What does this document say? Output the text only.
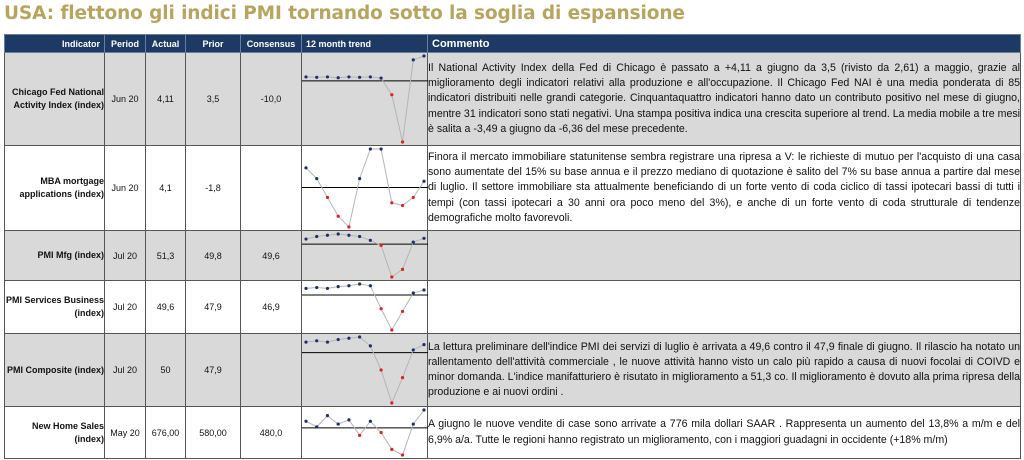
USA: flettono gli indici PMI tornando sotto la soglia di espansione
Indicator	Period	Actual	Prior	Consensus	12 month trend	Commento
Chicago Fed National Activity Index (index)	Jun 20	4,11	3,5	-10,0		Il National Activity Index della Fed di Chicago è passato a +4,11 a giugno da 3,5 (rivisto da 2,61) a maggio, grazie al miglioramento degli indicatori relativi alla produzione e all'occupazione. Il Chicago Fed NAI è una media ponderata di 85 indicatori distribuiti nelle grandi categorie. Cinquantaquattro indicatori hanno dato un contributo positivo nel mese di giugno, mentre 31 indicatori sono stati negativi. Una stampa positiva indica una crescita superiore al trend. La media mobile a tre mesi è salita a -3,49 a giugno da -6,36 del mese precedente.
MBA mortgage applications (index)	Jun 20	4,1	-1,8			Finora il mercato immobiliare statunitense sembra registrare una ripresa a V: le richieste di mutuo per l'acquisto di una casa sono aumentate del 15% su base annua e il prezzo mediano di quotazione è salito del 7% su base annua a partire dal mese di luglio. Il settore immobiliare sta attualmente beneficiando di un forte vento di coda ciclico di tassi ipotecari bassi di tutti i tempi (con tassi ipotecari a 30 anni ora poco meno del 3%), e anche di un forte vento di coda strutturale di tendenze demografiche molto favorevoli.
PMI Mfg (index)	Jul 20	51,3	49,8	49,6	

PMI Services Business (index)	Jul 20	49,6	47,9	46,9	

PMI Composite (index)	Jul 20	50	47,9			La lettura preliminare dell'indice PMI dei servizi di luglio è arrivata a 49,6 contro il 47,9 finale di giugno. Il rilascio ha notato un rallentamento dell'attività commerciale , le nuove attività hanno visto un calo più rapido a causa di nuovi focolai di COIVD e minor domanda. L'indice manifatturiero è risutato in miglioramento a 51,3 co. Il miglioramento è dovuto alla prima ripresa della produzione e ai nuovi ordini .
New Home Sales (index)	May 20	676,00	580,00	480,0		A giugno le nuove vendite di case sono arrivate a 776 mila dollari SAAR . Rappresenta un aumento del 13,8% a m/m e del 6,9% a/a. Tutte le regioni hanno registrato un miglioramento, con i maggiori guadagni in occidente (+18% m/m)
